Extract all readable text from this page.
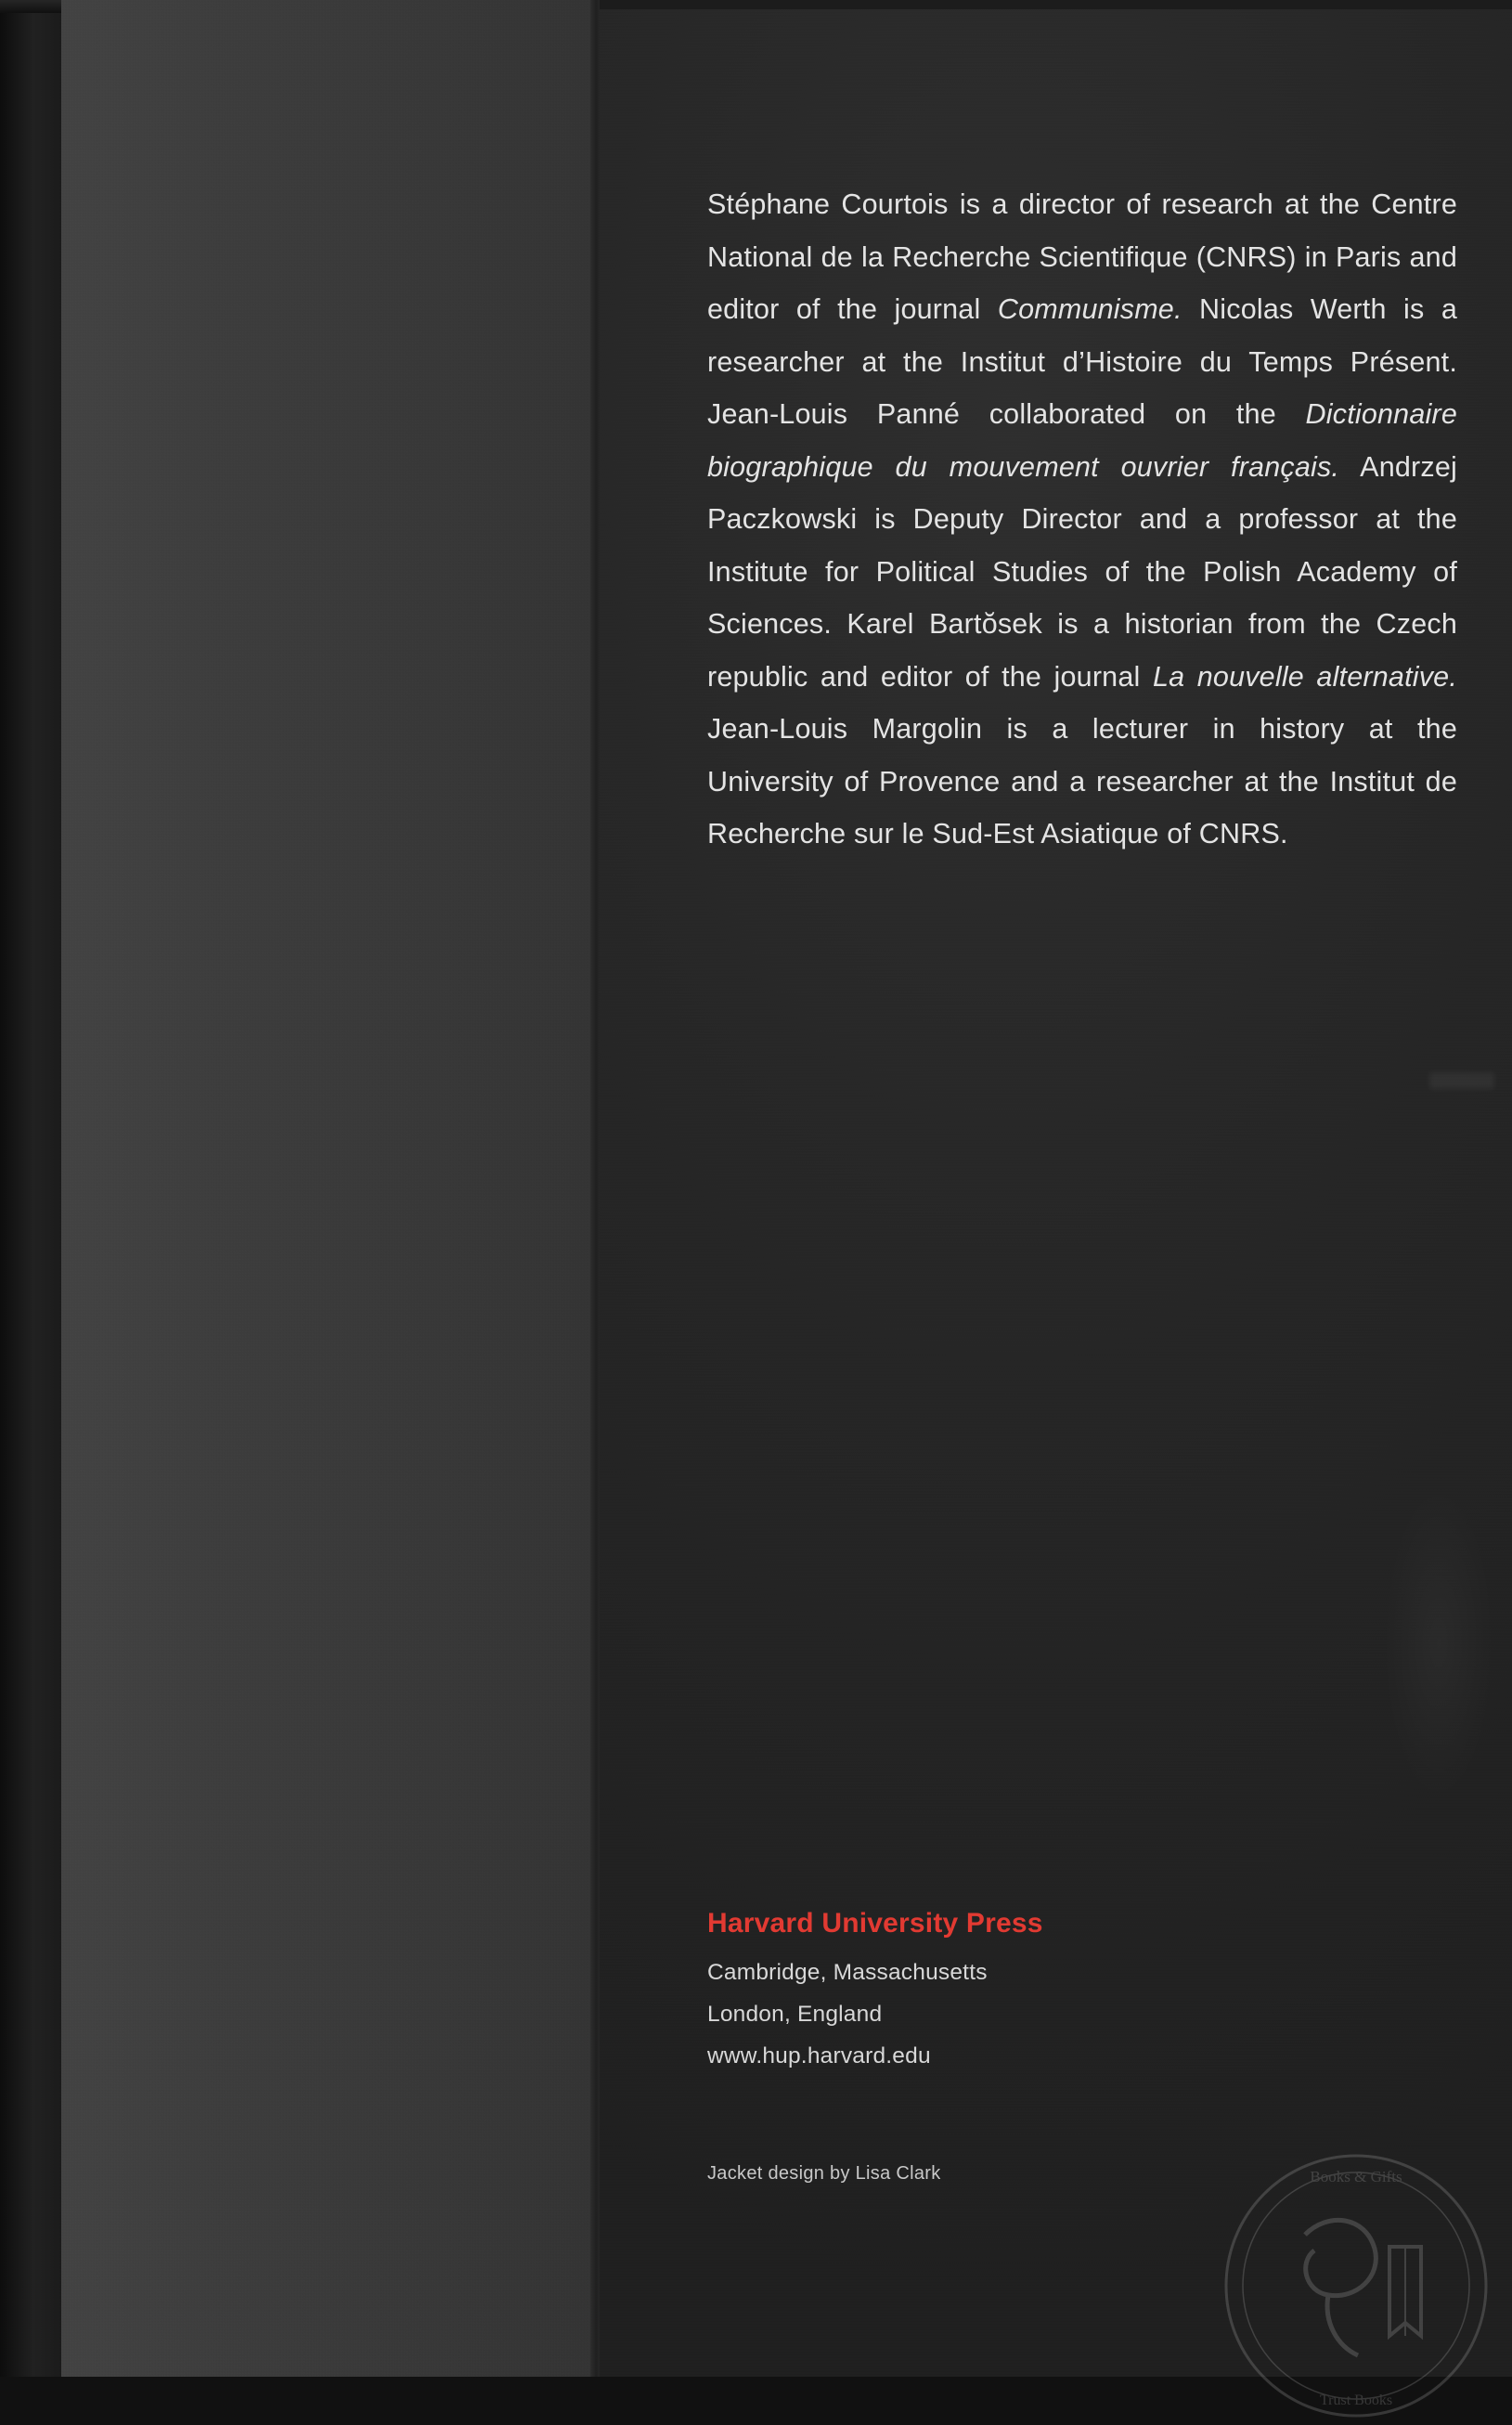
Stéphane Courtois is a director of research at the Centre National de la Recherche Scientifique (CNRS) in Paris and editor of the journal Communisme. Nicolas Werth is a researcher at the Institut d’Histoire du Temps Présent. Jean-Louis Panné collaborated on the Dictionnaire biographique du mouvement ouvrier français. Andrzej Paczkowski is Deputy Director and a professor at the Institute for Political Studies of the Polish Academy of Sciences. Karel Bartŏsek is a historian from the Czech republic and editor of the journal La nouvelle alternative. Jean-Louis Margolin is a lecturer in history at the University of Provence and a researcher at the Institut de Recherche sur le Sud-Est Asiatique of CNRS.
Harvard University Press
Cambridge, Massachusetts
London, England
www.hup.harvard.edu
Jacket design by Lisa Clark	Books & Gifts
Trust Books
